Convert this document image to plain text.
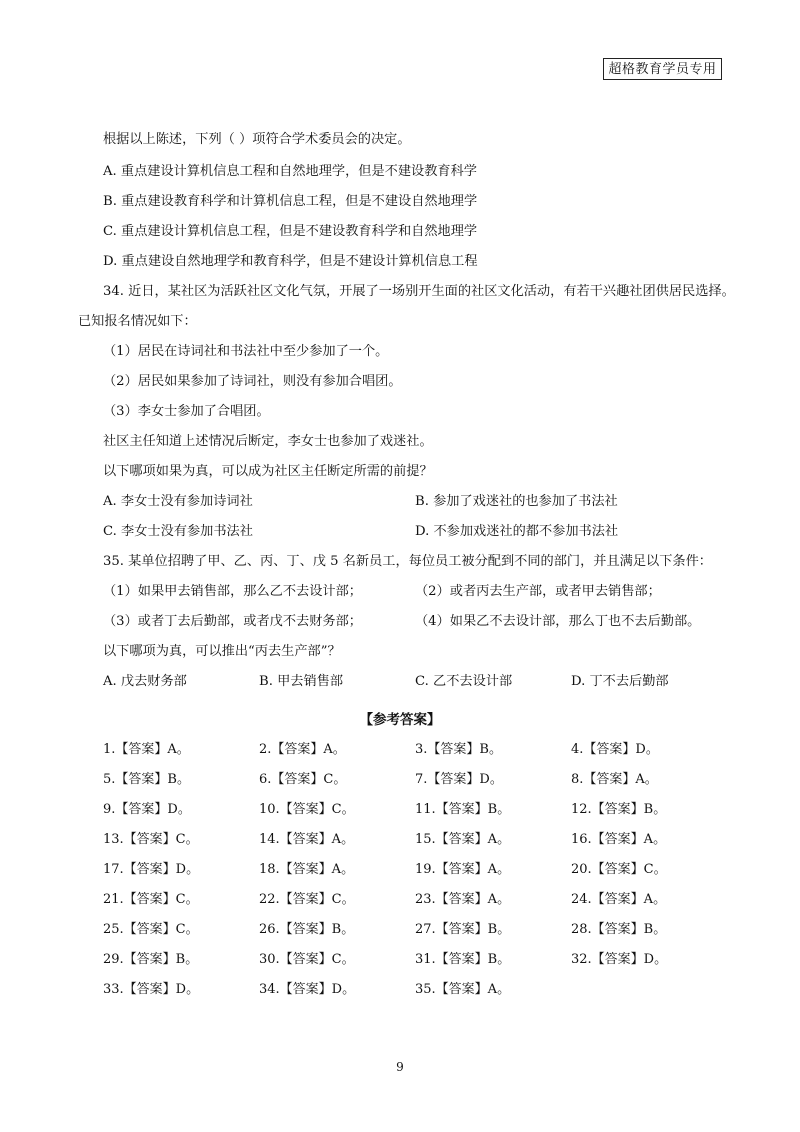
超格教育学员专用
根据以上陈述，下列（ ）项符合学术委员会的决定。
A. 重点建设计算机信息工程和自然地理学，但是不建设教育科学
B. 重点建设教育科学和计算机信息工程，但是不建设自然地理学
C. 重点建设计算机信息工程，但是不建设教育科学和自然地理学
D. 重点建设自然地理学和教育科学，但是不建设计算机信息工程
34. 近日，某社区为活跃社区文化气氛，开展了一场别开生面的社区文化活动，有若干兴趣社团供居民选择。
已知报名情况如下：
（1）居民在诗词社和书法社中至少参加了一个。
（2）居民如果参加了诗词社，则没有参加合唱团。
（3）李女士参加了合唱团。
社区主任知道上述情况后断定，李女士也参加了戏迷社。
以下哪项如果为真，可以成为社区主任断定所需的前提？
A. 李女士没有参加诗词社	B. 参加了戏迷社的也参加了书法社
C. 李女士没有参加书法社	D. 不参加戏迷社的都不参加书法社
35. 某单位招聘了甲、乙、丙、丁、戊 5 名新员工，每位员工被分配到不同的部门，并且满足以下条件：
（1）如果甲去销售部，那么乙不去设计部；	（2）或者丙去生产部，或者甲去销售部；
（3）或者丁去后勤部，或者戊不去财务部；	（4）如果乙不去设计部，那么丁也不去后勤部。
以下哪项为真，可以推出“丙去生产部”？
A. 戊去财务部	B. 甲去销售部	C. 乙不去设计部	D. 丁不去后勤部
【参考答案】
1.【答案】A。	2.【答案】A。	3.【答案】B。	4.【答案】D。
5.【答案】B。	6.【答案】C。	7.【答案】D。	8.【答案】A。
9.【答案】D。	10.【答案】C。	11.【答案】B。	12.【答案】B。
13.【答案】C。	14.【答案】A。	15.【答案】A。	16.【答案】A。
17.【答案】D。	18.【答案】A。	19.【答案】A。	20.【答案】C。
21.【答案】C。	22.【答案】C。	23.【答案】A。	24.【答案】A。
25.【答案】C。	26.【答案】B。	27.【答案】B。	28.【答案】B。
29.【答案】B。	30.【答案】C。	31.【答案】B。	32.【答案】D。
33.【答案】D。	34.【答案】D。	35.【答案】A。
9
